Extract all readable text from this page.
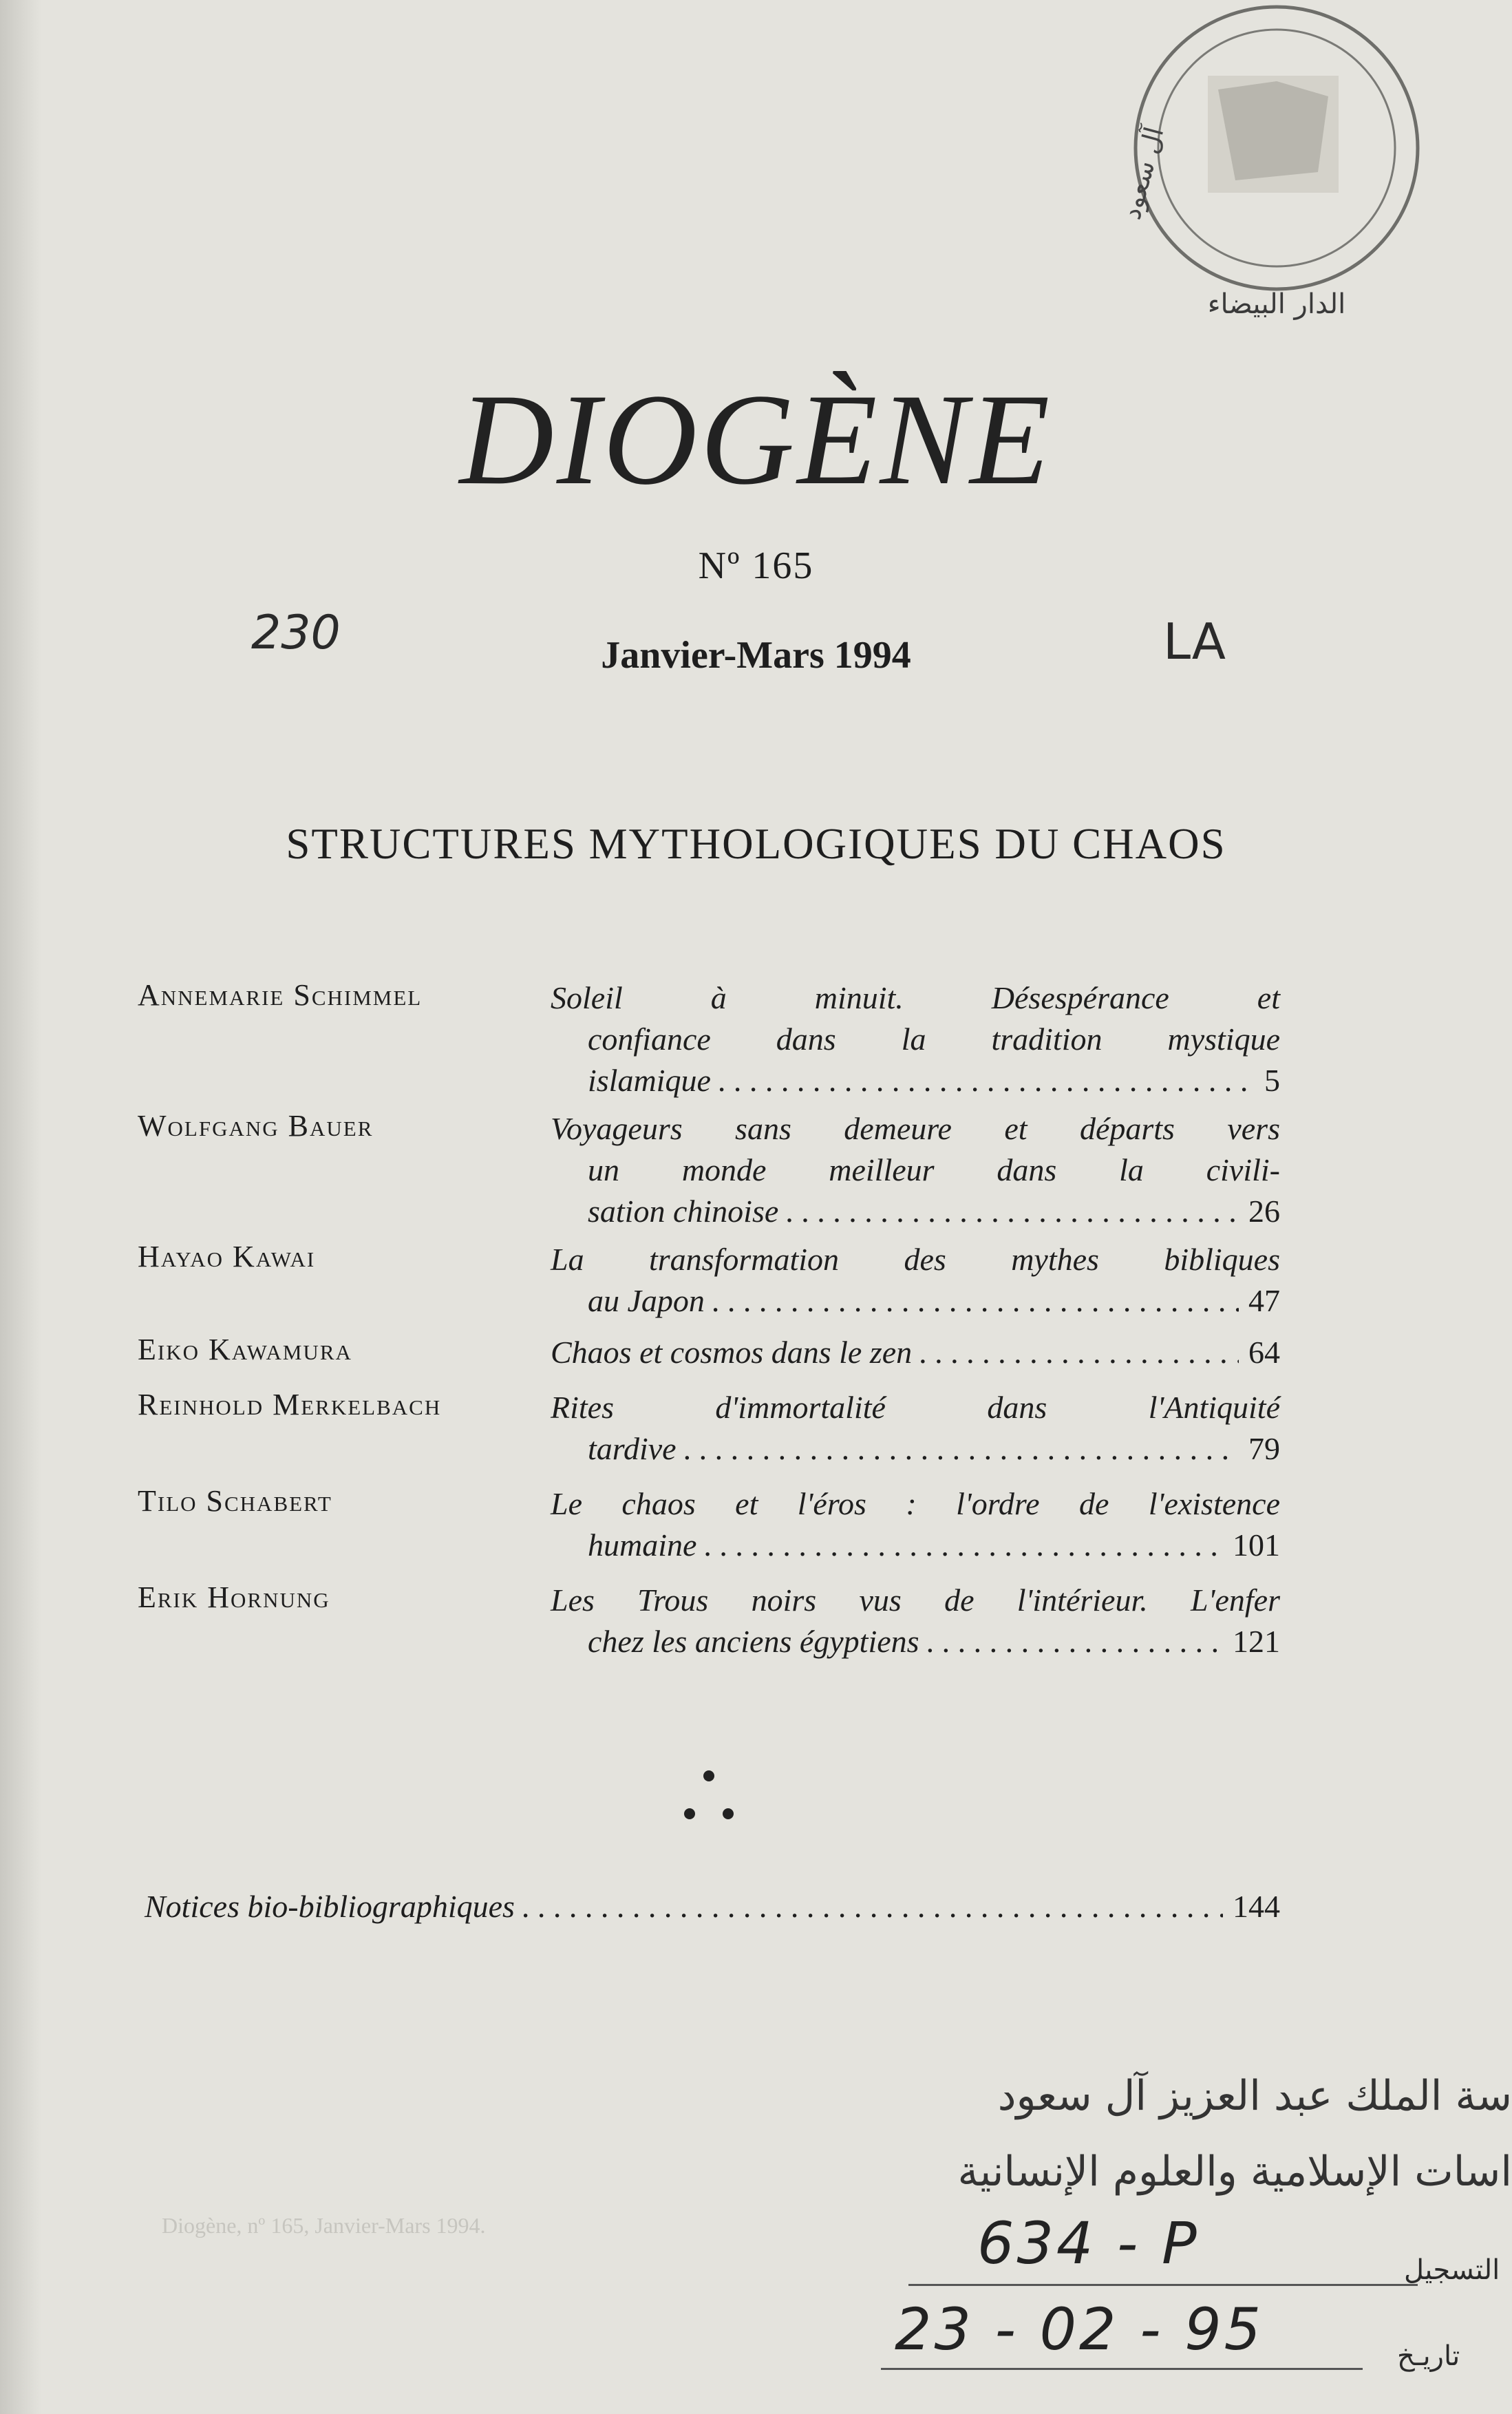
الدار البيضاء
آل سعود
DIOGÈNE
Nº 165
230	Janvier-Mars 1994	LA
STRUCTURES MYTHOLOGIQUES DU CHAOS
Annemarie Schimmel	Soleil à minuit. Désespérance et
confiance dans la tradition mystique
islamique . . .	5
Wolfgang Bauer	Voyageurs sans demeure et départs vers
un monde meilleur dans la civili-
sation chinoise . . .	26
Hayao Kawai	La transformation des mythes bibliques
au Japon . . .	47
Eiko Kawamura	Chaos et cosmos dans le zen . . .	64
Reinhold Merkelbach	Rites d'immortalité dans l'Antiquité
tardive . . .	79
Tilo Schabert	Le chaos et l'éros : l'ordre de l'existence
humaine . . .	101
Erik Hornung	Les Trous noirs vus de l'intérieur. L'enfer
chez les anciens égyptiens . . .	121
Notices bio-bibliographiques . . .	144
Diogène, nº 165, Janvier-Mars 1994.
سة الملك عبد العزيز آل سعود
اسات الإسلامية والعلوم الإنسانية
634 - P	التسجيل
23 - 02 - 95	تاريـخ
